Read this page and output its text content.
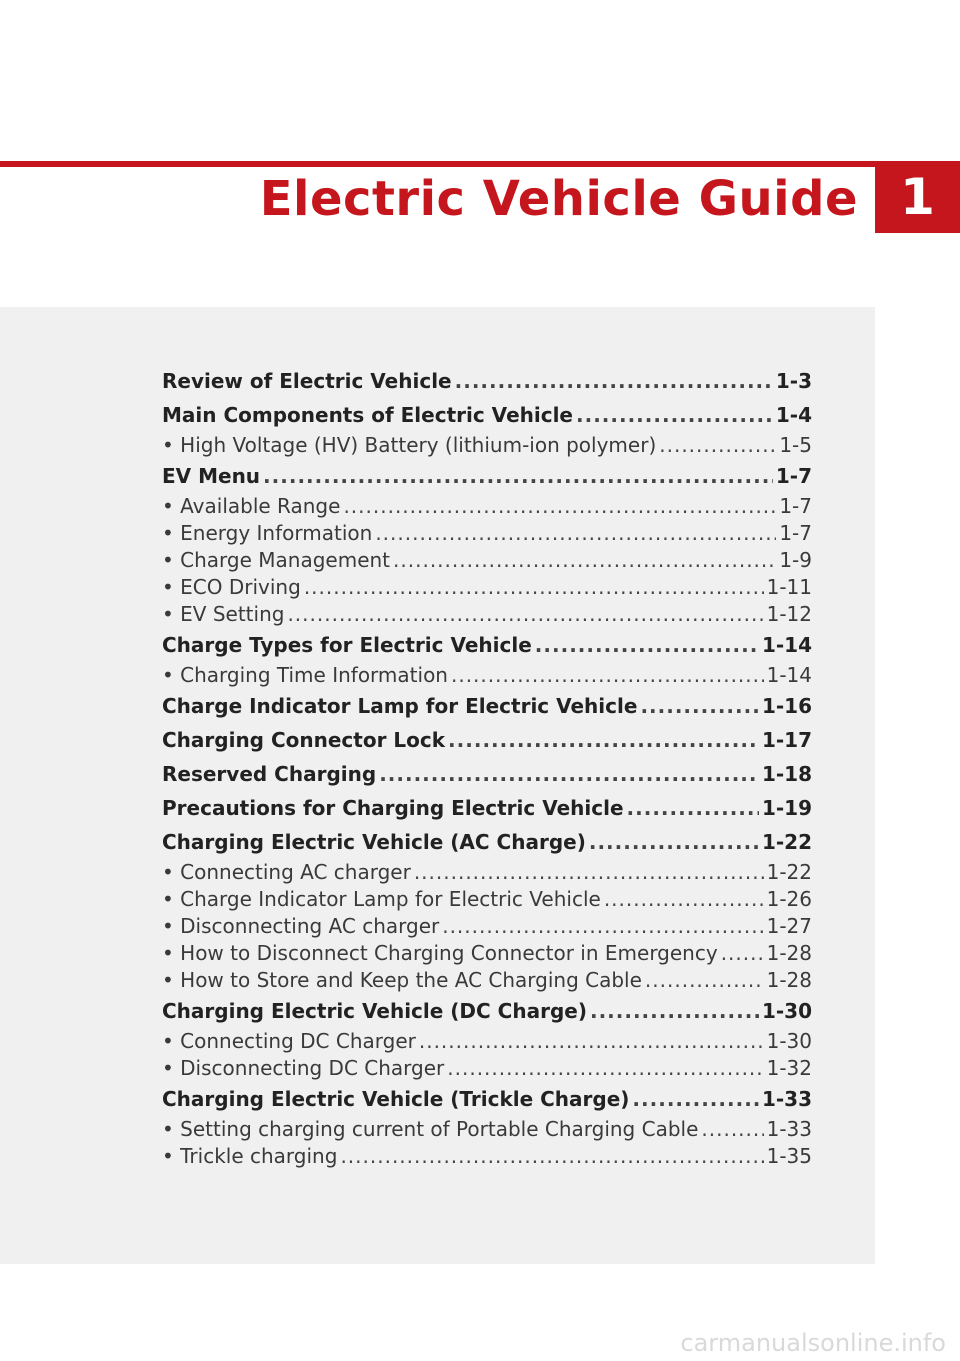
Electric Vehicle Guide 1
Review of Electric Vehicle .....	1-3
Main Components of Electric Vehicle .....	1-4
• High Voltage (HV) Battery (lithium-ion polymer) .....	1-5
EV Menu .....	1-7
• Available Range .....	1-7
• Energy Information .....	1-7
• Charge Management .....	1-9
• ECO Driving .....	1-11
• EV Setting .....	1-12
Charge Types for Electric Vehicle .....	1-14
• Charging Time Information .....	1-14
Charge Indicator Lamp for Electric Vehicle .....	1-16
Charging Connector Lock .....	1-17
Reserved Charging .....	1-18
Precautions for Charging Electric Vehicle .....	1-19
Charging Electric Vehicle (AC Charge) .....	1-22
• Connecting AC charger .....	1-22
• Charge Indicator Lamp for Electric Vehicle .....	1-26
• Disconnecting AC charger .....	1-27
• How to Disconnect Charging Connector in Emergency ..... 1-28
• How to Store and Keep the AC Charging Cable .....	1-28
Charging Electric Vehicle (DC Charge) .....	1-30
• Connecting DC Charger .....	1-30
• Disconnecting DC Charger .....	1-32
Charging Electric Vehicle (Trickle Charge) .....	1-33
• Setting charging current of Portable Charging Cable .....	1-33
• Trickle charging .....	1-35
carmanualsonline.info
